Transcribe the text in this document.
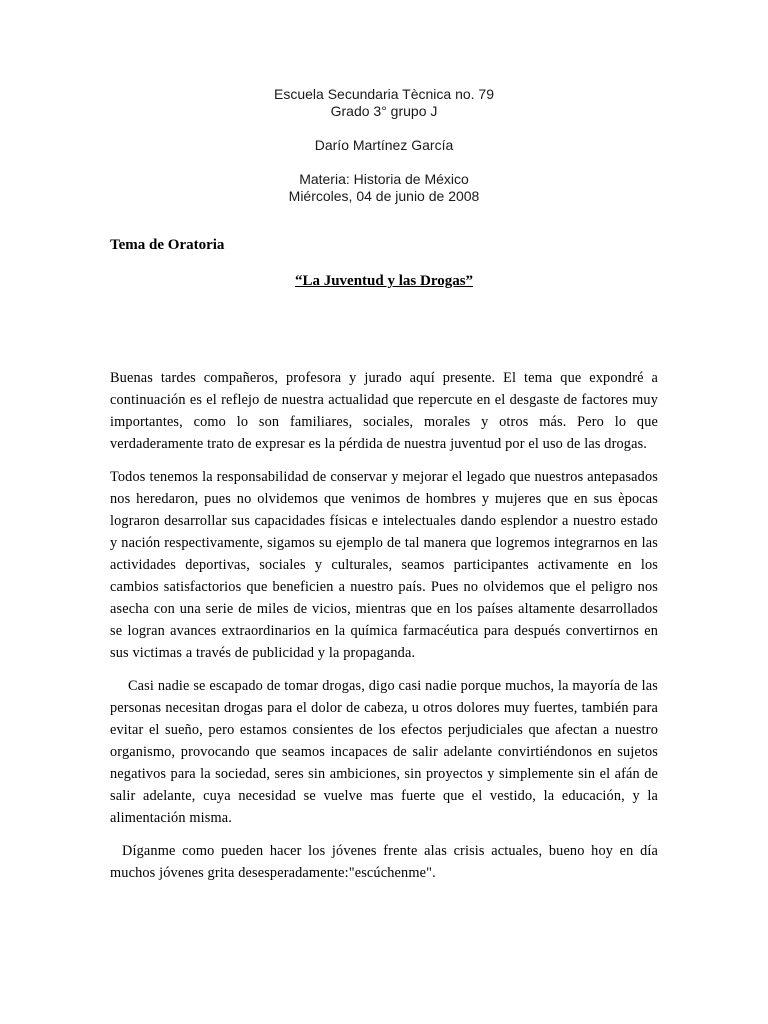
Escuela Secundaria Tècnica no. 79
Grado 3° grupo J
Darío Martínez García
Materia: Historia de México
Miércoles, 04 de junio de 2008
Tema de Oratoria
“La Juventud y las Drogas”

Buenas tardes compañeros, profesora y jurado aquí presente. El tema que expondré a continuación es el reflejo de nuestra actualidad que repercute en el desgaste de factores muy importantes, como lo son familiares, sociales, morales y otros más. Pero lo que verdaderamente trato de expresar es la pérdida de nuestra juventud por el uso de las drogas.

Todos tenemos la responsabilidad de conservar y mejorar el legado que nuestros antepasados nos heredaron, pues no olvidemos que venimos de hombres y mujeres que en sus èpocas lograron desarrollar sus capacidades físicas e intelectuales dando esplendor a nuestro estado y nación respectivamente, sigamos su ejemplo de tal manera que logremos integrarnos en las actividades deportivas, sociales y culturales, seamos participantes activamente en los cambios satisfactorios que beneficien a nuestro país. Pues no olvidemos que el peligro nos asecha con una serie de miles de vicios, mientras que en los países altamente desarrollados se logran avances extraordinarios en la química farmacéutica para después convertirnos en sus victimas a través de publicidad y la propaganda.

Casi nadie se escapado de tomar drogas, digo casi nadie porque muchos, la mayoría de las personas necesitan drogas para el dolor de cabeza, u otros dolores muy fuertes, también para evitar el sueño, pero estamos consientes de los efectos perjudiciales que afectan a nuestro organismo, provocando que seamos incapaces de salir adelante convirtiéndonos en sujetos negativos para la sociedad, seres sin ambiciones, sin proyectos y simplemente sin el afán de salir adelante, cuya necesidad se vuelve mas fuerte que el vestido, la educación, y la alimentación misma.

Díganme como pueden hacer los jóvenes frente alas crisis actuales, bueno hoy en día muchos jóvenes grita desesperadamente:"escúchenme".
